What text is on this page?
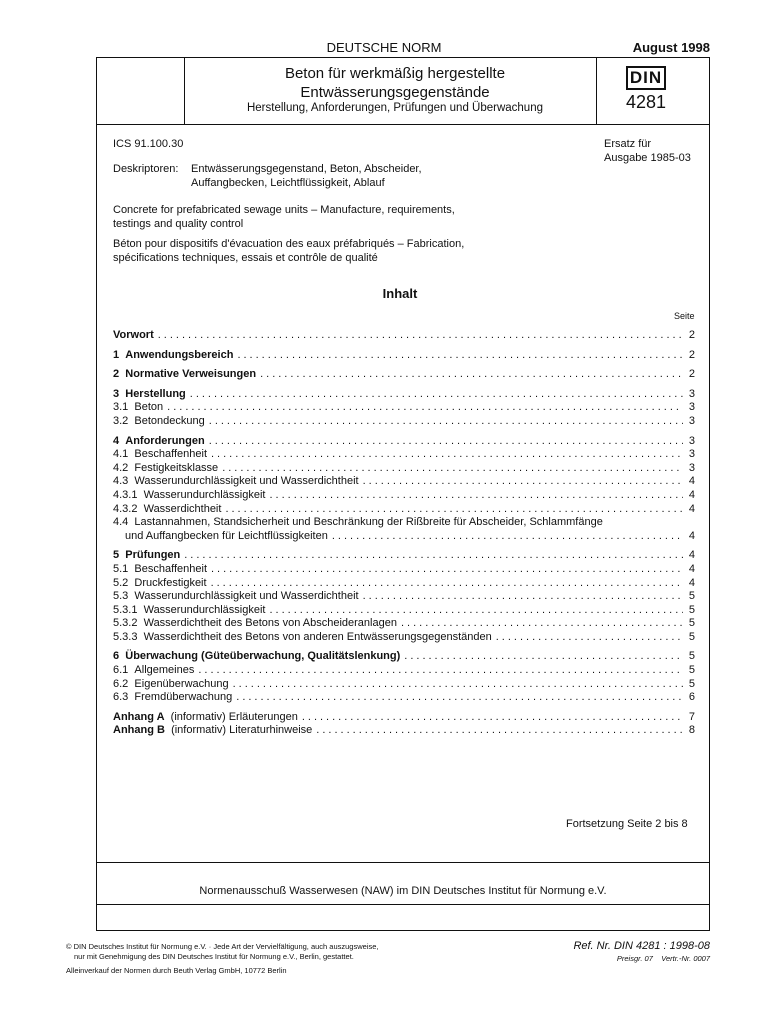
DEUTSCHE NORM	August 1998
Beton für werkmäßig hergestellte
Entwässerungsgegenstände
Herstellung, Anforderungen, Prüfungen und Überwachung
DIN
4281
ICS 91.100.30	Ersatz für
Ausgabe 1985-03
Deskriptoren: Entwässerungsgegenstand, Beton, Abscheider,
Auffangbecken, Leichtflüssigkeit, Ablauf
Concrete for prefabricated sewage units – Manufacture, requirements,
testings and quality control
Béton pour dispositifs d'évacuation des eaux préfabriqués – Fabrication,
spécifications techniques, essais et contrôle de qualité
Inhalt
Seite
Vorwort .....	2
1 Anwendungsbereich .....	2
2 Normative Verweisungen .....	2
3 Herstellung .....	3
3.1 Beton .....	3
3.2 Betondeckung .....	3
4 Anforderungen .....	3
4.1 Beschaffenheit .....	3
4.2 Festigkeitsklasse .....	3
4.3 Wasserundurchlässigkeit und Wasserdichtheit .....	4
4.3.1 Wasserundurchlässigkeit .....	4
4.3.2 Wasserdichtheit .....	4
4.4 Lastannahmen, Standsicherheit und Beschränkung der Rißbreite für Abscheider, Schlammfänge
und Auffangbecken für Leichtflüssigkeiten .....	4
5 Prüfungen .....	4
5.1 Beschaffenheit .....	4
5.2 Druckfestigkeit .....	4
5.3 Wasserundurchlässigkeit und Wasserdichtheit .....	5
5.3.1 Wasserundurchlässigkeit .....	5
5.3.2 Wasserdichtheit des Betons von Abscheideranlagen .....	5
5.3.3 Wasserdichtheit des Betons von anderen Entwässerungsgegenständen .....	5
6 Überwachung (Güteüberwachung, Qualitätslenkung) .....	5
6.1 Allgemeines .....	5
6.2 Eigenüberwachung .....	5
6.3 Fremdüberwachung .....	6
Anhang A (informativ) Erläuterungen .....	7
Anhang B (informativ) Literaturhinweise .....	8
Fortsetzung Seite 2 bis 8
Normenausschuß Wasserwesen (NAW) im DIN Deutsches Institut für Normung e.V.
© DIN Deutsches Institut für Normung e.V. · Jede Art der Vervielfältigung, auch auszugsweise,
nur mit Genehmigung des DIN Deutsches Institut für Normung e.V., Berlin, gestattet.
Alleinverkauf der Normen durch Beuth Verlag GmbH, 10772 Berlin
Ref. Nr. DIN 4281 : 1998-08
Preisgr. 07 Vertr.-Nr. 0007
